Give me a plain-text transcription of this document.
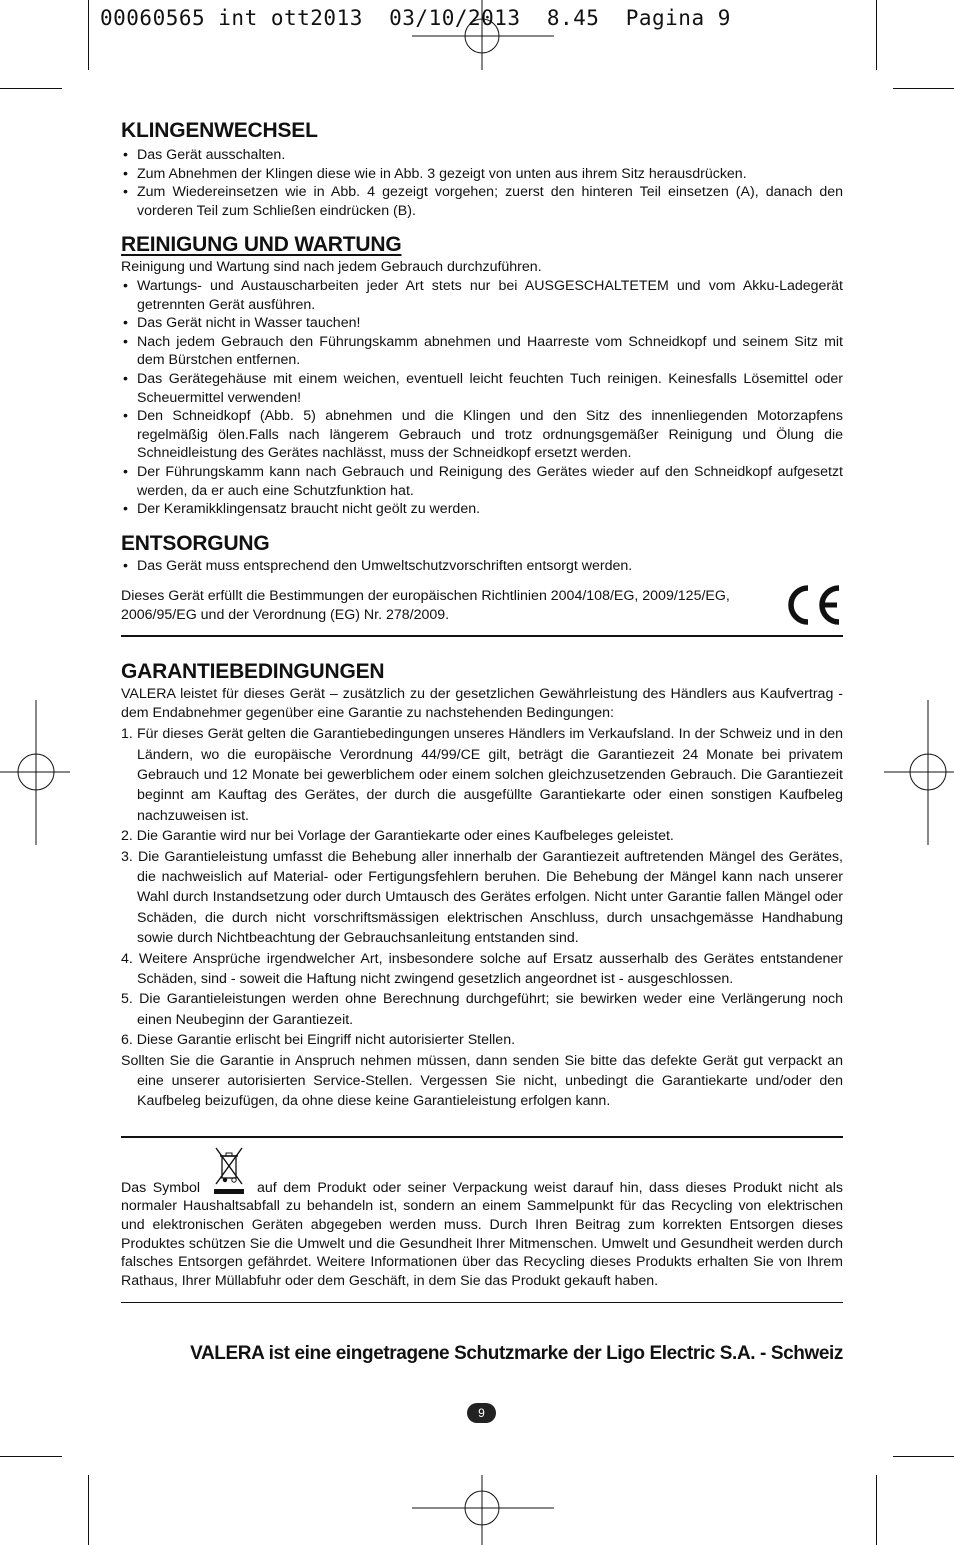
00060565 int ott2013  03/10/2013  8.45  Pagina 9
KLINGENWECHSEL
• Das Gerät ausschalten.
• Zum Abnehmen der Klingen diese wie in Abb. 3 gezeigt von unten aus ihrem Sitz herausdrücken.
• Zum Wiedereinsetzen wie in Abb. 4 gezeigt vorgehen; zuerst den hinteren Teil einsetzen (A), danach den vorderen Teil zum Schließen eindrücken (B).
REINIGUNG UND WARTUNG

Reinigung und Wartung sind nach jedem Gebrauch durchzuführen.

• Wartungs- und Austauscharbeiten jeder Art stets nur bei AUSGESCHALTETEM und vom Akku-Ladegerät getrennten Gerät ausführen.
• Das Gerät nicht in Wasser tauchen!
• Nach jedem Gebrauch den Führungskamm abnehmen und Haarreste vom Schneidkopf und seinem Sitz mit dem Bürstchen entfernen.
• Das Gerätegehäuse mit einem weichen, eventuell leicht feuchten Tuch reinigen. Keinesfalls Lösemittel oder Scheuermittel verwenden!
• Den Schneidkopf (Abb. 5) abnehmen und die Klingen und den Sitz des innenliegenden Motorzapfens regelmäßig ölen.Falls nach längerem Gebrauch und trotz ordnungsgemäßer Reinigung und Ölung die Schneidleistung des Gerätes nachlässt, muss der Schneidkopf ersetzt werden.
• Der Führungskamm kann nach Gebrauch und Reinigung des Gerätes wieder auf den Schneidkopf aufgesetzt werden, da er auch eine Schutzfunktion hat.
• Der Keramikklingensatz braucht nicht geölt zu werden.
ENTSORGUNG
• Das Gerät muss entsprechend den Umweltschutzvorschriften entsorgt werden.

Dieses Gerät erfüllt die Bestimmungen der europäischen Richtlinien 2004/108/EG, 2009/125/EG, 2006/95/EG und der Verordnung (EG) Nr. 278/2009.

GARANTIEBEDINGUNGEN

VALERA leistet für dieses Gerät – zusätzlich zu der gesetzlichen Gewährleistung des Händlers aus Kaufvertrag - dem Endabnehmer gegenüber eine Garantie zu nachstehenden Bedingungen:

1. Für dieses Gerät gelten die Garantiebedingungen unseres Händlers im Verkaufsland. In der Schweiz und in den Ländern, wo die europäische Verordnung 44/99/CE gilt, beträgt die Garantiezeit 24 Monate bei privatem Gebrauch und 12 Monate bei gewerblichem oder einem solchen gleichzusetzenden Gebrauch. Die Garantiezeit beginnt am Kauftag des Gerätes, der durch die ausgefüllte Garantiekarte oder einen sonstigen Kaufbeleg nachzuweisen ist.
2. Die Garantie wird nur bei Vorlage der Garantiekarte oder eines Kaufbeleges geleistet.
3. Die Garantieleistung umfasst die Behebung aller innerhalb der Garantiezeit auftretenden Mängel des Gerätes, die nachweislich auf Material- oder Fertigungsfehlern beruhen. Die Behebung der Mängel kann nach unserer Wahl durch Instandsetzung oder durch Umtausch des Gerätes erfolgen. Nicht unter Garantie fallen Mängel oder Schäden, die durch nicht vorschriftsmässigen elektrischen Anschluss, durch unsachgemässe Handhabung sowie durch Nichtbeachtung der Gebrauchsanleitung entstanden sind.
4. Weitere Ansprüche irgendwelcher Art, insbesondere solche auf Ersatz ausserhalb des Gerätes entstandener Schäden, sind - soweit die Haftung nicht zwingend gesetzlich angeordnet ist - ausgeschlossen.
5. Die Garantieleistungen werden ohne Berechnung durchgeführt; sie bewirken weder eine Verlängerung noch einen Neubeginn der Garantiezeit.
6. Diese Garantie erlischt bei Eingriff nicht autorisierter Stellen.

Sollten Sie die Garantie in Anspruch nehmen müssen, dann senden Sie bitte das defekte Gerät gut verpackt an eine unserer autorisierten Service-Stellen. Vergessen Sie nicht, unbedingt die Garantiekarte und/oder den Kaufbeleg beizufügen, da ohne diese keine Garantieleistung erfolgen kann.

Das Symbol	auf dem Produkt oder seiner Verpackung weist darauf hin, dass dieses Produkt nicht als normaler Haushaltsabfall zu behandeln ist, sondern an einem Sammelpunkt für das Recycling von elektrischen und elektronischen Geräten abgegeben werden muss. Durch Ihren Beitrag zum korrekten Entsorgen dieses Produktes schützen Sie die Umwelt und die Gesundheit Ihrer Mitmenschen. Umwelt und Gesundheit werden durch falsches Entsorgen gefährdet. Weitere Informationen über das Recycling dieses Produkts erhalten Sie von Ihrem Rathaus, Ihrer Müllabfuhr oder dem Geschäft, in dem Sie das Produkt gekauft haben.
VALERA ist eine eingetragene Schutzmarke der Ligo Electric S.A. - Schweiz
9
